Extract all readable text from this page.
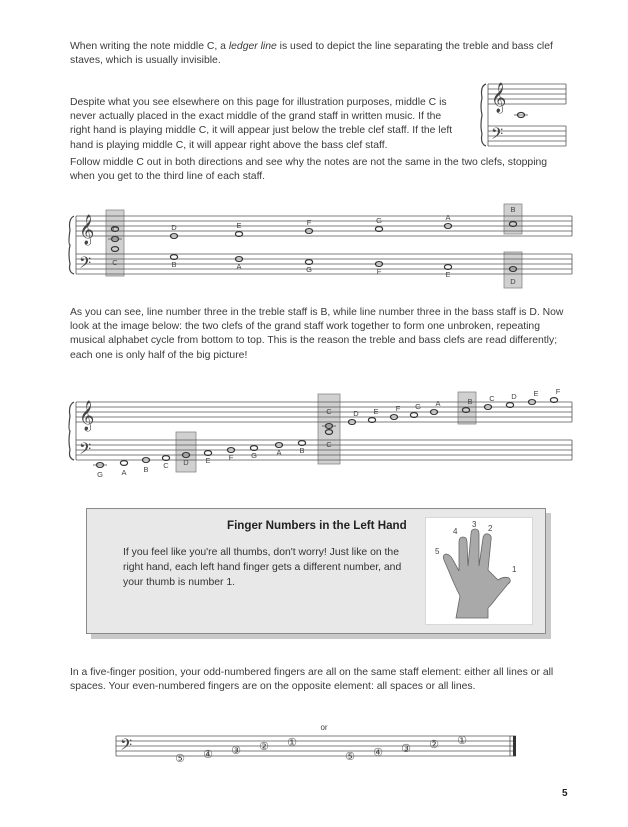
When writing the note middle C, a ledger line is used to depict the line separating the treble and bass clef staves, which is usually invisible.

Despite what you see elsewhere on this page for illustration purposes, middle C is never actually placed in the exact middle of the grand staff in written music. If the right hand is playing middle C, it will appear just below the treble clef staff. If the left hand is playing middle C, it will appear right above the bass clef staff.

𝄞
𝄢

Follow middle C out in both directions and see why the notes are not the same in the two clefs, stopping when you get to the third line of each staff.

𝄞
𝄢
C
C
D	E	F	G	A
B
B	A	G	F	E
D

As you can see, line number three in the treble staff is B, while line number three in the bass staff is D. Now look at the image below: the two clefs of the grand staff work together to form one unbroken, repeating musical alphabet cycle from bottom to top. This is the reason the treble and bass clefs are read differently; each one is only half of the big picture!

𝄞
𝄢
G A B C D E F G	A B
C
C
D E F G A	B C D E F
Finger Numbers in the Left Hand

If you feel like you're all thumbs, don't worry! Just like on the right hand, each left hand finger gets a different number, and your thumb is number 1.

5
4
3 2
1

In a five-finger position, your odd-numbered fingers are all on the same staff element: either all lines or all spaces. Your even-numbered fingers are on the opposite element: all spaces or all lines.

𝄢
or
⑤ ④ ③ ② ①
⑤ ④ ③ ② ①
5
